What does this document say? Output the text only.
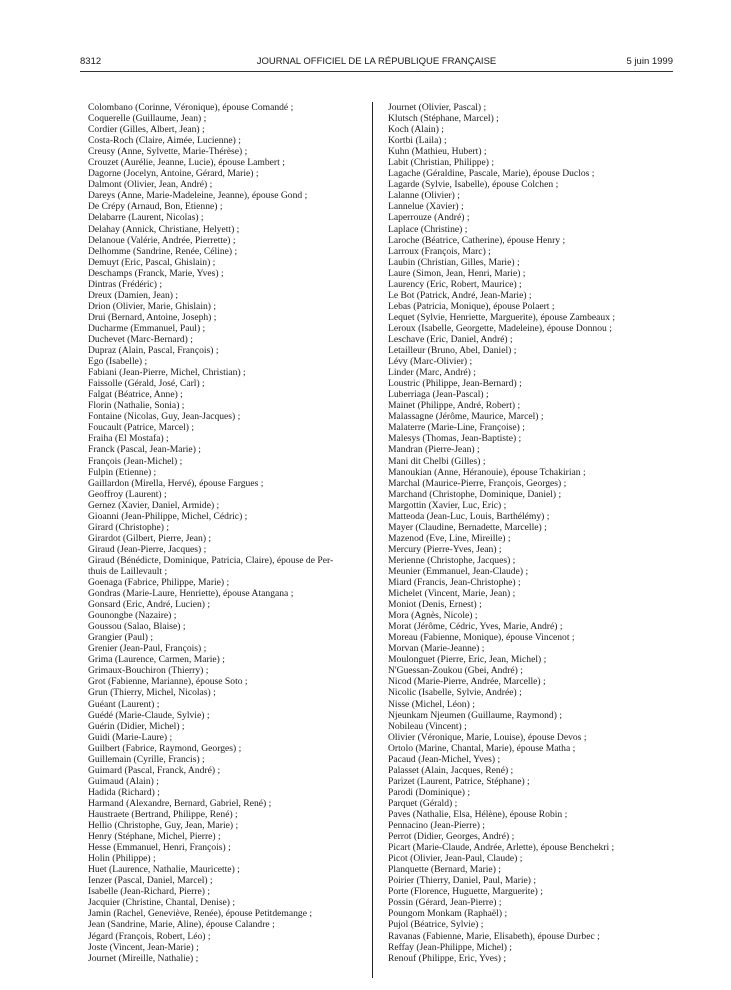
8312	JOURNAL OFFICIEL DE LA RÉPUBLIQUE FRANÇAISE	5 juin 1999
Colombano (Corinne, Véronique), épouse Comandé ;
Coquerelle (Guillaume, Jean) ;
Cordier (Gilles, Albert, Jean) ;
Costa-Roch (Claire, Aimée, Lucienne) ;
Creusy (Anne, Sylvette, Marie-Thérèse) ;
Crouzet (Aurélie, Jeanne, Lucie), épouse Lambert ;
Dagorne (Jocelyn, Antoine, Gérard, Marie) ;
Dalmont (Olivier, Jean, André) ;
Dareys (Anne, Marie-Madeleine, Jeanne), épouse Gond ;
De Crépy (Arnaud, Bon, Etienne) ;
Delabarre (Laurent, Nicolas) ;
Delahay (Annick, Christiane, Helyett) ;
Delanoue (Valérie, Andrée, Pierrette) ;
Delhomme (Sandrine, Renée, Céline) ;
Demuyt (Eric, Pascal, Ghislain) ;
Deschamps (Franck, Marie, Yves) ;
Dintras (Frédéric) ;
Dreux (Damien, Jean) ;
Drion (Olivier, Marie, Ghislain) ;
Drui (Bernard, Antoine, Joseph) ;
Ducharme (Emmanuel, Paul) ;
Duchevet (Marc-Bernard) ;
Dupraz (Alain, Pascal, François) ;
Ego (Isabelle) ;
Fabiani (Jean-Pierre, Michel, Christian) ;
Faissolle (Gérald, José, Carl) ;
Falgat (Béatrice, Anne) ;
Florin (Nathalie, Sonia) ;
Fontaine (Nicolas, Guy, Jean-Jacques) ;
Foucault (Patrice, Marcel) ;
Fraiha (El Mostafa) ;
Franck (Pascal, Jean-Marie) ;
François (Jean-Michel) ;
Fulpin (Etienne) ;
Gaillardon (Mirella, Hervé), épouse Fargues ;
Geoffroy (Laurent) ;
Gernez (Xavier, Daniel, Armide) ;
Gioanni (Jean-Philippe, Michel, Cédric) ;
Girard (Christophe) ;
Girardot (Gilbert, Pierre, Jean) ;
Giraud (Jean-Pierre, Jacques) ;
Giraud (Bénédicte, Dominique, Patricia, Claire), épouse de Per-
thuis de Laillevault ;
Goenaga (Fabrice, Philippe, Marie) ;
Gondras (Marie-Laure, Henriette), épouse Atangana ;
Gonsard (Eric, André, Lucien) ;
Gounongbe (Nazaire) ;
Goussou (Salao, Blaise) ;
Grangier (Paul) ;
Grenier (Jean-Paul, François) ;
Grima (Laurence, Carmen, Marie) ;
Grimaux-Bouchiron (Thierry) ;
Grot (Fabienne, Marianne), épouse Soto ;
Grun (Thierry, Michel, Nicolas) ;
Guéant (Laurent) ;
Guédé (Marie-Claude, Sylvie) ;
Guérin (Didier, Michel) ;
Guidi (Marie-Laure) ;
Guilbert (Fabrice, Raymond, Georges) ;
Guillemain (Cyrille, Francis) ;
Guimard (Pascal, Franck, André) ;
Guimaud (Alain) ;
Hadida (Richard) ;
Harmand (Alexandre, Bernard, Gabriel, René) ;
Haustraete (Bertrand, Philippe, René) ;
Hellio (Christophe, Guy, Jean, Marie) ;
Henry (Stéphane, Michel, Pierre) ;
Hesse (Emmanuel, Henri, François) ;
Holin (Philippe) ;
Huet (Laurence, Nathalie, Mauricette) ;
Ienzer (Pascal, Daniel, Marcel) ;
Isabelle (Jean-Richard, Pierre) ;
Jacquier (Christine, Chantal, Denise) ;
Jamin (Rachel, Geneviève, Renée), épouse Petitdemange ;
Jean (Sandrine, Marie, Aline), épouse Calandre ;
Jégard (François, Robert, Léo) ;
Joste (Vincent, Jean-Marie) ;
Journet (Mireille, Nathalie) ;
Journet (Olivier, Pascal) ;
Klutsch (Stéphane, Marcel) ;
Koch (Alain) ;
Kortbi (Laila) ;
Kuhn (Mathieu, Hubert) ;
Labit (Christian, Philippe) ;
Lagache (Géraldine, Pascale, Marie), épouse Duclos ;
Lagarde (Sylvie, Isabelle), épouse Colchen ;
Lalanne (Olivier) ;
Lannelue (Xavier) ;
Laperrouze (André) ;
Laplace (Christine) ;
Laroche (Béatrice, Catherine), épouse Henry ;
Larroux (François, Marc) ;
Laubin (Christian, Gilles, Marie) ;
Laure (Simon, Jean, Henri, Marie) ;
Laurency (Eric, Robert, Maurice) ;
Le Bot (Patrick, André, Jean-Marie) ;
Lebas (Patricia, Monique), épouse Polaert ;
Lequet (Sylvie, Henriette, Marguerite), épouse Zambeaux ;
Leroux (Isabelle, Georgette, Madeleine), épouse Donnou ;
Leschave (Eric, Daniel, André) ;
Letailleur (Bruno, Abel, Daniel) ;
Lévy (Marc-Olivier) ;
Linder (Marc, André) ;
Loustric (Philippe, Jean-Bernard) ;
Luberriaga (Jean-Pascal) ;
Mainet (Philippe, André, Robert) ;
Malassagne (Jérôme, Maurice, Marcel) ;
Malaterre (Marie-Line, Françoise) ;
Malesys (Thomas, Jean-Baptiste) ;
Mandran (Pierre-Jean) ;
Mani dit Chelbi (Gilles) ;
Manoukian (Anne, Héranouie), épouse Tchakirian ;
Marchal (Maurice-Pierre, François, Georges) ;
Marchand (Christophe, Dominique, Daniel) ;
Margottin (Xavier, Luc, Eric) ;
Matteoda (Jean-Luc, Louis, Barthélémy) ;
Mayer (Claudine, Bernadette, Marcelle) ;
Mazenod (Eve, Line, Mireille) ;
Mercury (Pierre-Yves, Jean) ;
Merienne (Christophe, Jacques) ;
Meunier (Emmanuel, Jean-Claude) ;
Miard (Francis, Jean-Christophe) ;
Michelet (Vincent, Marie, Jean) ;
Moniot (Denis, Ernest) ;
Mora (Agnès, Nicole) ;
Morat (Jérôme, Cédric, Yves, Marie, André) ;
Moreau (Fabienne, Monique), épouse Vincenot ;
Morvan (Marie-Jeanne) ;
Moulonguet (Pierre, Eric, Jean, Michel) ;
N'Guessan-Zoukou (Gbei, André) ;
Nicod (Marie-Pierre, Andrée, Marcelle) ;
Nicolic (Isabelle, Sylvie, Andrée) ;
Nisse (Michel, Léon) ;
Njeunkam Njeumen (Guillaume, Raymond) ;
Nobileau (Vincent) ;
Olivier (Véronique, Marie, Louise), épouse Devos ;
Ortolo (Marine, Chantal, Marie), épouse Matha ;
Pacaud (Jean-Michel, Yves) ;
Palasset (Alain, Jacques, René) ;
Parizet (Laurent, Patrice, Stéphane) ;
Parodi (Dominique) ;
Parquet (Gérald) ;
Paves (Nathalie, Elsa, Hélène), épouse Robin ;
Pennacino (Jean-Pierre) ;
Perrot (Didier, Georges, André) ;
Picart (Marie-Claude, Andrée, Arlette), épouse Benchekri ;
Picot (Olivier, Jean-Paul, Claude) ;
Planquette (Bernard, Marie) ;
Poirier (Thierry, Daniel, Paul, Marie) ;
Porte (Florence, Huguette, Marguerite) ;
Possin (Gérard, Jean-Pierre) ;
Poungom Monkam (Raphaël) ;
Pujol (Béatrice, Sylvie) ;
Ravanas (Fabienne, Marie, Elisabeth), épouse Durbec ;
Reffay (Jean-Philippe, Michel) ;
Renouf (Philippe, Eric, Yves) ;
